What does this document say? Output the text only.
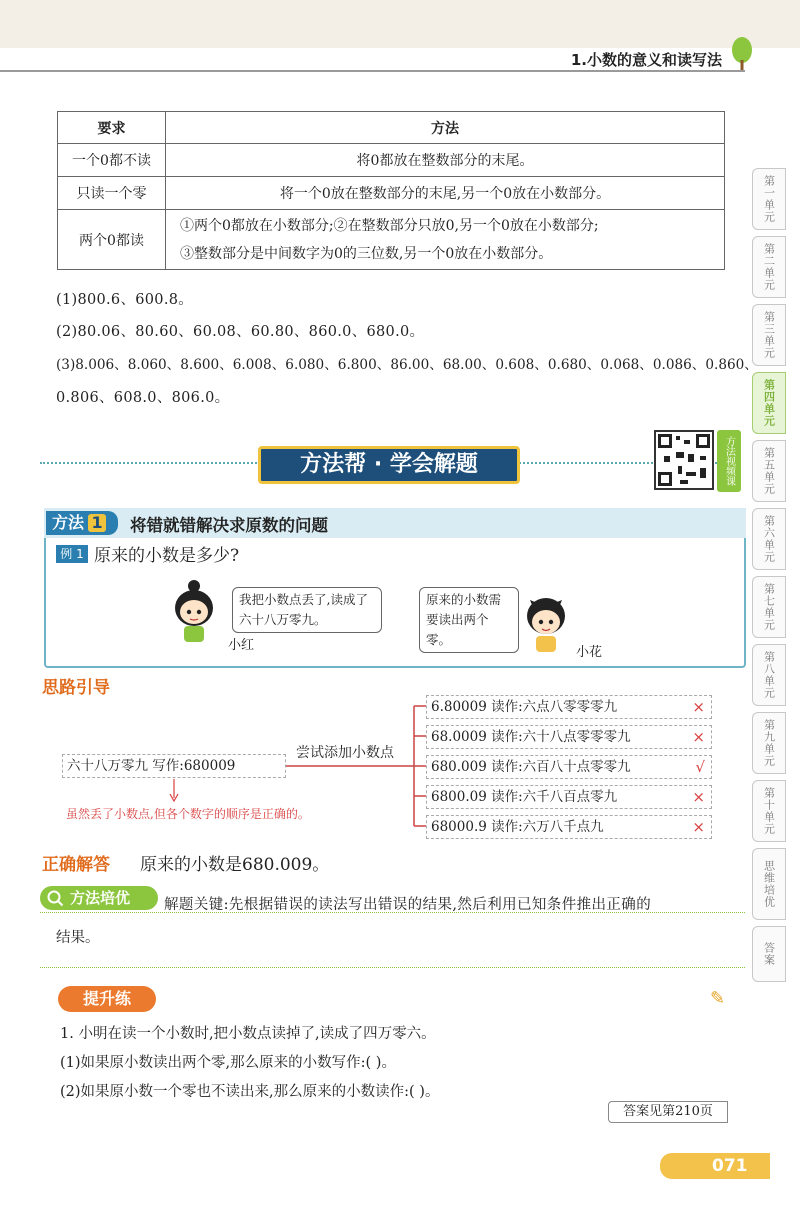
1.小数的意义和读写法
第一单元
第二单元
第三单元
第四单元
第五单元
第六单元
第七单元
第八单元
第九单元
第十单元
思维培优
答案
要求	方法
一个0都不读	将0都放在整数部分的末尾。
只读一个零	将一个0放在整数部分的末尾,另一个0放在小数部分。
两个0都读	①两个0都放在小数部分;②在整数部分只放0,另一个0放在小数部分;
③整数部分是中间数字为0的三位数,另一个0放在小数部分。
(1)800.6、600.8。
(2)80.06、80.60、60.08、60.80、860.0、680.0。
(3)8.006、8.060、8.600、6.008、6.080、6.800、86.00、68.00、0.608、0.680、0.068、0.086、0.860、
0.806、608.0、806.0。
方法帮 · 学会解题	方法视频课
方法 1	将错就错解决求原数的问题
例 1 原来的小数是多少?
我把小数点丢了,读成了六十八万零九。
小红
原来的小数需要读出两个零。
小花
思路引导
六十八万零九 写作:680009
尝试添加小数点
虽然丢了小数点,但各个数字的顺序是正确的。
6.80009 读作:六点八零零零九	×
68.0009 读作:六十八点零零零九	×
680.009 读作:六百八十点零零九	√
6800.09 读作:六千八百点零九	×
68000.9 读作:六万八千点九	×
正确解答 原来的小数是680.009。
方法培优	解题关键:先根据错误的读法写出错误的结果,然后利用已知条件推出正确的
结果。
提升练	✎
1. 小明在读一个小数时,把小数点读掉了,读成了四万零六。
(1)如果原小数读出两个零,那么原来的小数写作:( )。
(2)如果原小数一个零也不读出来,那么原来的小数读作:( )。
答案见第210页
071
